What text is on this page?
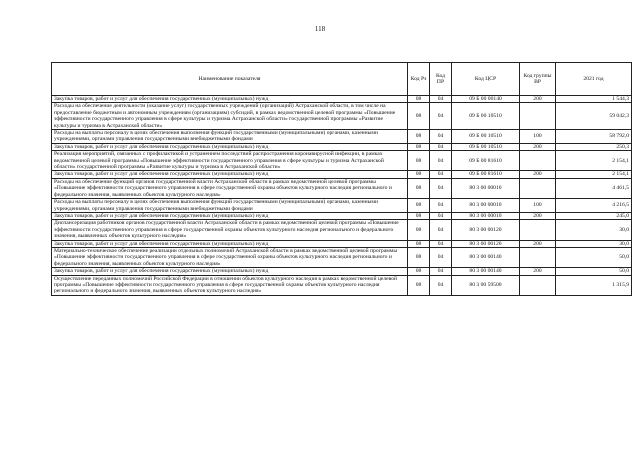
118
Наименование показателя	Код Рз	Код ПР	Код ЦСР	Код группы ВР	2021 год
Закупка товаров, работ и услуг для обеспечения государственных (муниципальных) нужд	08	04	09 Б 00 00140	200	1 544,3
Расходы на обеспечение деятельности (оказание услуг) государственных учреждений (организаций) Астраханской области, в том числе на предоставление бюджетным и автономным учреждениям (организациям) субсидий, в рамках ведомственной целевой программы «Повышение эффективности государственного управления в сфере культуры и туризма Астраханской области» государственной программы «Развитие культуры и туризма в Астраханской области»	08	04	09 Б 00 10510		59 042,3
Расходы на выплаты персоналу в целях обеспечения выполнения функций государственными (муниципальными) органами, казенными учреждениями, органами управления государственными внебюджетными фондами	08	04	09 Б 00 10510	100	58 792,0
Закупка товаров, работ и услуг для обеспечения государственных (муниципальных) нужд	08	04	09 Б 00 10510	200	250,3
Реализация мероприятий, связанных с профилактикой и устранением последствий распространения коронавирусной инфекции, в рамках ведомственной целевой программы «Повышение эффективности государственного управления в сфере культуры и туризма Астраханской области» государственной программы «Развитие культуры и туризма в Астраханской области»	08	04	09 Б 00 81610		2 154,1
Закупка товаров, работ и услуг для обеспечения государственных (муниципальных) нужд	08	04	09 Б 00 81610	200	2 154,1
Расходы на обеспечение функций органов государственной власти Астраханской области в рамках ведомственной целевой программы «Повышение эффективности государственного управления в сфере государственной охраны объектов культурного наследия регионального и федерального значения, выявленных объектов культурного наследия»	08	04	80 3 00 00010		4 461,5
Расходы на выплаты персоналу в целях обеспечения выполнения функций государственными (муниципальными) органами, казенными учреждениями, органами управления государственными внебюджетными фондами	08	04	80 3 00 00010	100	4 216,5
Закупка товаров, работ и услуг для обеспечения государственных (муниципальных) нужд	08	04	80 3 00 00010	200	245,0
Диспансеризация работников органов государственной власти Астраханской области в рамках ведомственной целевой программы «Повышение эффективности государственного управления в сфере государственной охраны объектов культурного наследия регионального и федерального значения, выявленных объектов культурного наследия»	08	04	80 3 00 00120		30,0
Закупка товаров, работ и услуг для обеспечения государственных (муниципальных) нужд	08	04	80 3 00 00120	200	30,0
Материально-техническое обеспечение реализации отдельных полномочий Астраханской области в рамках ведомственной целевой программы «Повышение эффективности государственного управления в сфере государственной охраны объектов культурного наследия регионального и федерального значения, выявленных объектов культурного наследия»	08	04	80 3 00 00140		50,0
Закупка товаров, работ и услуг для обеспечения государственных (муниципальных) нужд	08	04	80 3 00 00140	200	50,0
Осуществление переданных полномочий Российской Федерации в отношении объектов культурного наследия в рамках ведомственной целевой программы «Повышение эффективности государственного управления в сфере государственной охраны объектов культурного наследия регионального и федерального значения, выявленных объектов культурного наследия»	08	04	80 3 00 59500		1 315,9
